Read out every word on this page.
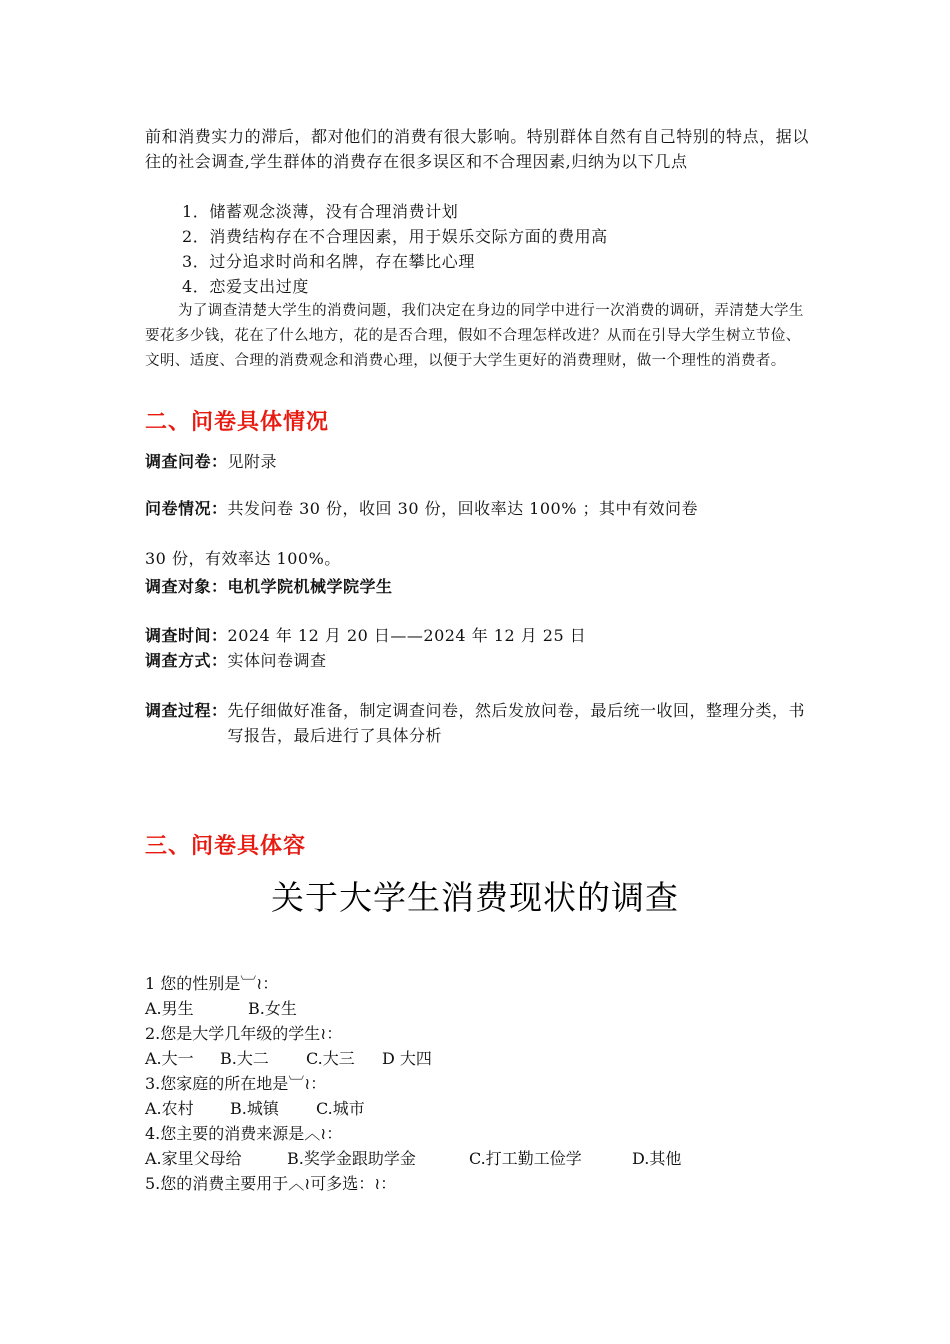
前和消费实力的滞后，都对他们的消费有很大影响。特别群体自然有自己特别的特点，据以往的社会调查,学生群体的消费存在很多误区和不合理因素,归纳为以下几点

1．储蓄观念淡薄，没有合理消费计划

2．消费结构存在不合理因素，用于娱乐交际方面的费用高

3．过分追求时尚和名牌，存在攀比心理

4．恋爱支出过度

为了调查清楚大学生的消费问题，我们决定在身边的同学中进行一次消费的调研，弄清楚大学生要花多少钱，花在了什么地方，花的是否合理，假如不合理怎样改进？从而在引导大学生树立节俭、文明、适度、合理的消费观念和消费心理，以便于大学生更好的消费理财，做一个理性的消费者。

二、问卷具体情况

调查问卷：见附录

问卷情况：共发问卷 30 份，收回 30 份，回收率达 100% ；其中有效问卷

30 份，有效率达 100%。

调查对象：电机学院机械学院学生

调查时间：2024 年 12 月 20 日——2024 年 12 月 25 日

调查方式：实体问卷调查

调查过程： 先仔细做好准备，制定调查问卷，然后发放问卷，最后统一收回，整理分类，书写报告，最后进行了具体分析

三、问卷具体容

关于大学生消费现状的调查

1 您的性别是︺≀：

A.男生	B.女生

2.您是大学几年级的学生≀：

A.大一 B.大二 C.大三 D 大四

3.您家庭的所在地是︺≀：

A.农村 B.城镇 C.城市

4.您主要的消费来源是︿≀：

A.家里父母给	B.奖学金跟助学金	C.打工勤工俭学	D.其他

5.您的消费主要用于︿≀可多选：≀：
